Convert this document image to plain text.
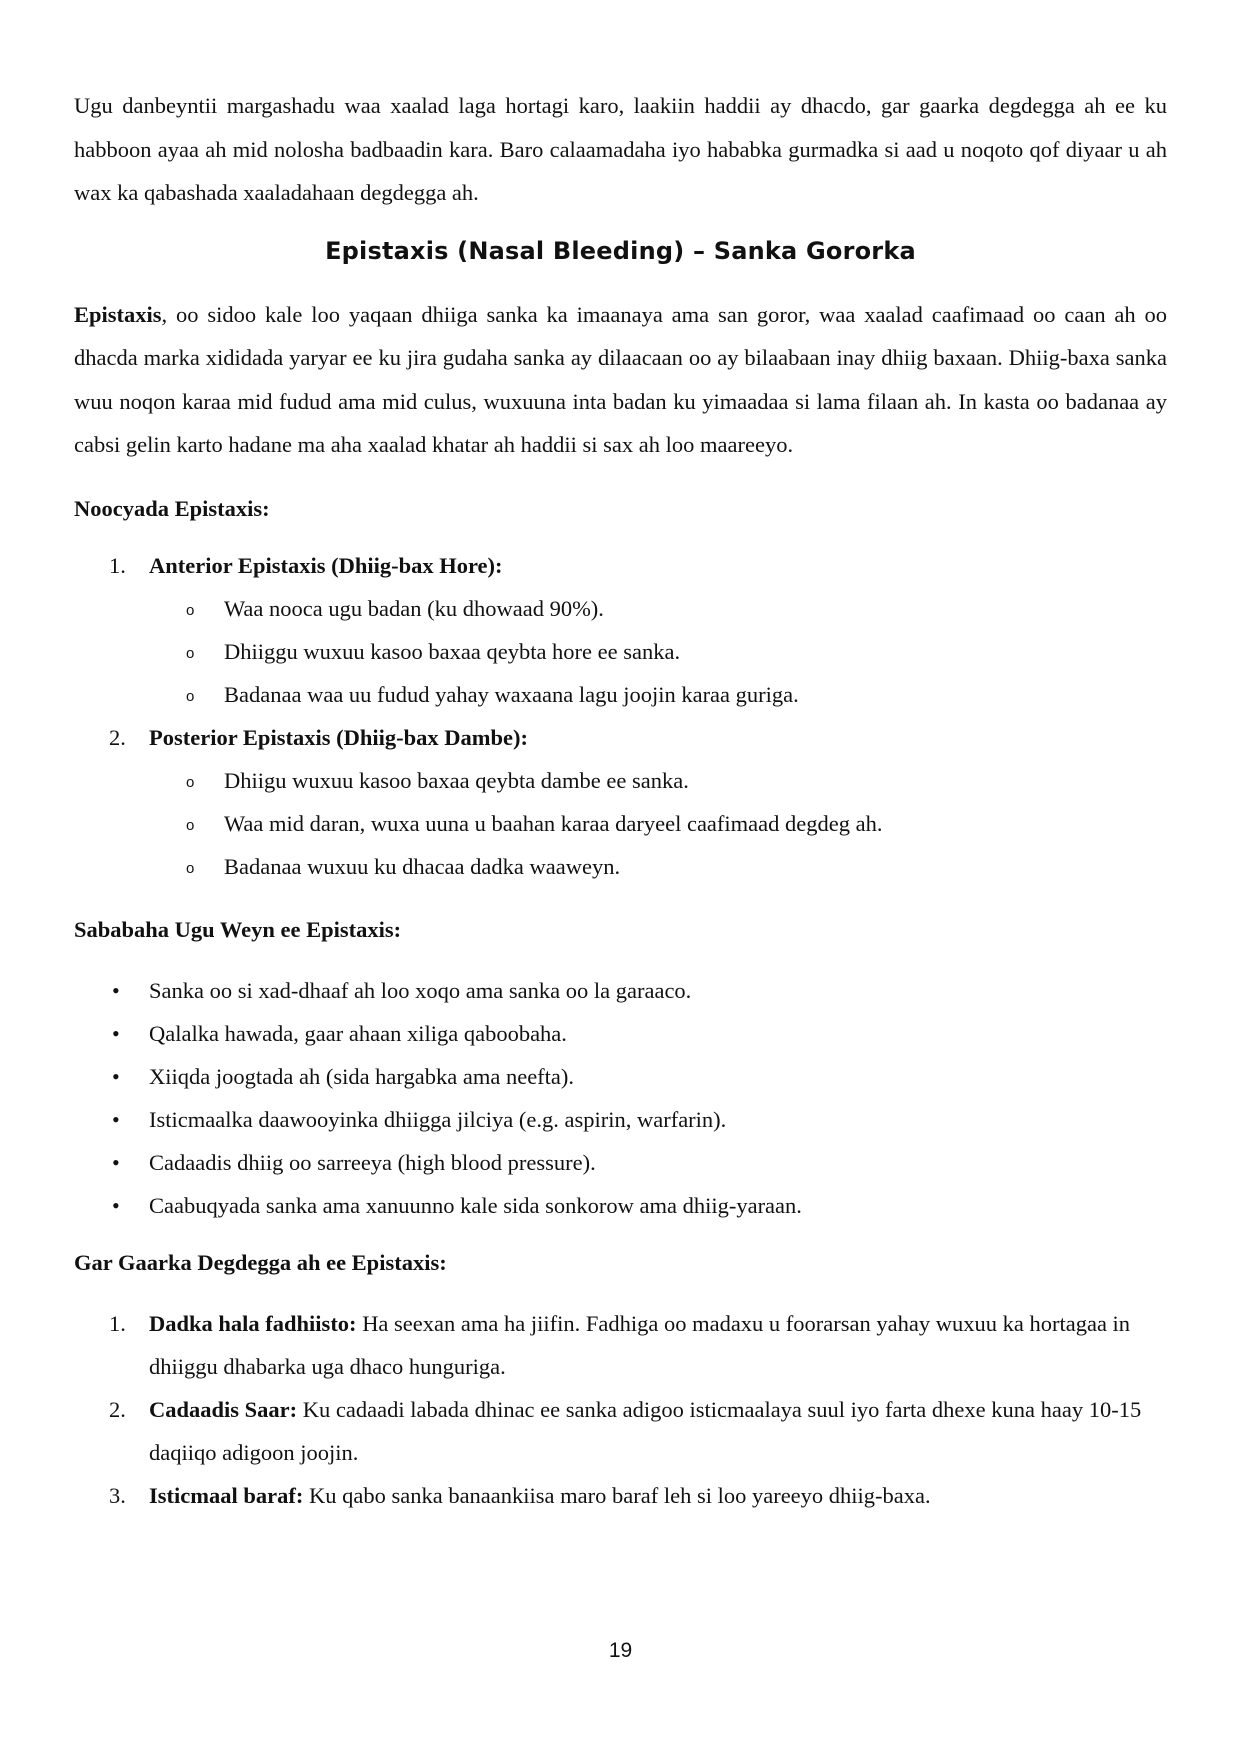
Ugu danbeyntii margashadu waa xaalad laga hortagi karo, laakiin haddii ay dhacdo, gar gaarka degdegga ah ee ku habboon ayaa ah mid nolosha badbaadin kara. Baro calaamadaha iyo hababka gurmadka si aad u noqoto qof diyaar u ah wax ka qabashada xaaladahaan degdegga ah.

Epistaxis (Nasal Bleeding) – Sanka Gororka

Epistaxis, oo sidoo kale loo yaqaan dhiiga sanka ka imaanaya ama san goror, waa xaalad caafimaad oo caan ah oo dhacda marka xididada yaryar ee ku jira gudaha sanka ay dilaacaan oo ay bilaabaan inay dhiig baxaan. Dhiig-baxa sanka wuu noqon karaa mid fudud ama mid culus, wuxuuna inta badan ku yimaadaa si lama filaan ah. In kasta oo badanaa ay cabsi gelin karto hadane ma aha xaalad khatar ah haddii si sax ah loo maareeyo.

Noocyada Epistaxis:
1. Anterior Epistaxis (Dhiig-bax Hore):
o Waa nooca ugu badan (ku dhowaad 90%).
o Dhiiggu wuxuu kasoo baxaa qeybta hore ee sanka.
o Badanaa waa uu fudud yahay waxaana lagu joojin karaa guriga.
2. Posterior Epistaxis (Dhiig-bax Dambe):
o Dhiigu wuxuu kasoo baxaa qeybta dambe ee sanka.
o Waa mid daran, wuxa uuna u baahan karaa daryeel caafimaad degdeg ah.
o Badanaa wuxuu ku dhacaa dadka waaweyn.
Sababaha Ugu Weyn ee Epistaxis:
• Sanka oo si xad-dhaaf ah loo xoqo ama sanka oo la garaaco.
• Qalalka hawada, gaar ahaan xiliga qaboobaha.
• Xiiqda joogtada ah (sida hargabka ama neefta).
• Isticmaalka daawooyinka dhiigga jilciya (e.g. aspirin, warfarin).
• Cadaadis dhiig oo sarreeya (high blood pressure).
• Caabuqyada sanka ama xanuunno kale sida sonkorow ama dhiig-yaraan.
Gar Gaarka Degdegga ah ee Epistaxis:
1. Dadka hala fadhiisto: Ha seexan ama ha jiifin. Fadhiga oo madaxu u foorarsan yahay wuxuu ka hortagaa in dhiiggu dhabarka uga dhaco hunguriga.
2. Cadaadis Saar: Ku cadaadi labada dhinac ee sanka adigoo isticmaalaya suul iyo farta dhexe kuna haay 10-15 daqiiqo adigoon joojin.
3. Isticmaal baraf: Ku qabo sanka banaankiisa maro baraf leh si loo yareeyo dhiig-baxa.
19
